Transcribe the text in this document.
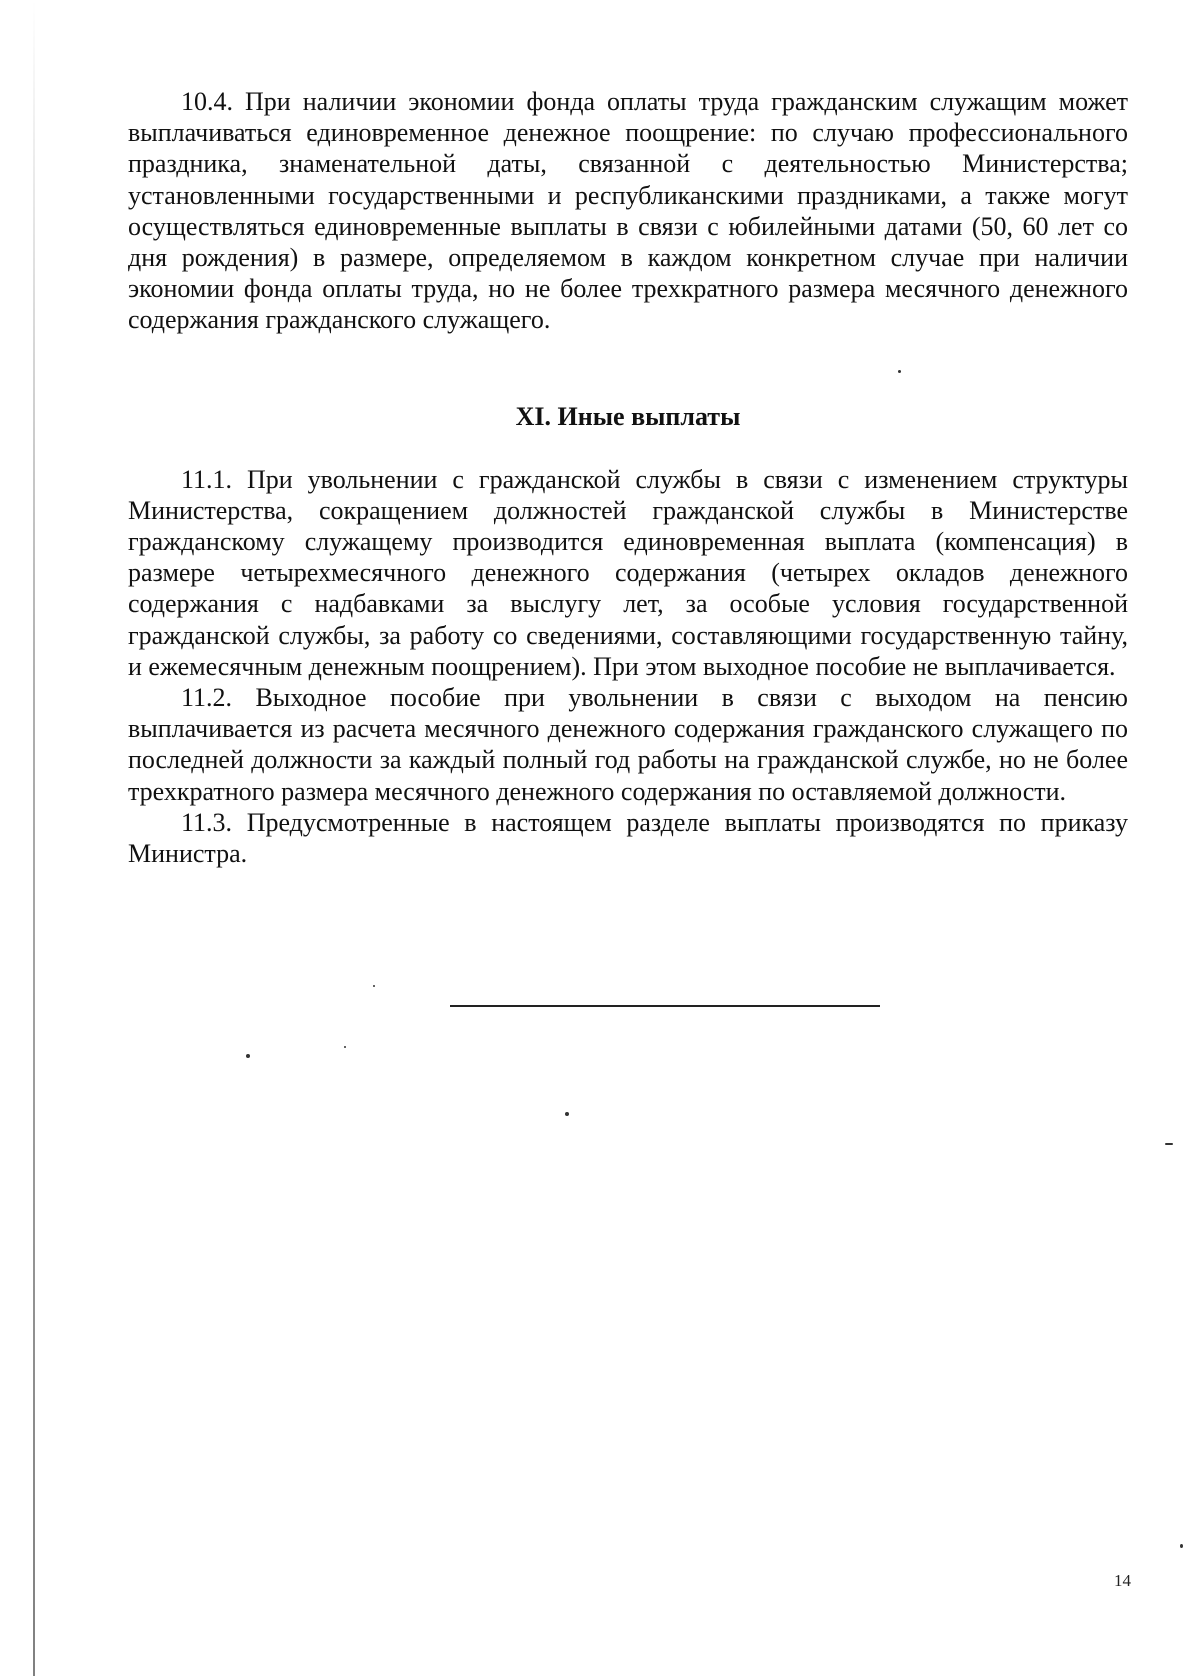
10.4. При наличии экономии фонда оплаты труда гражданским служащим может выплачиваться единовременное денежное поощрение: по случаю профессионального праздника, знаменательной даты, связанной с деятельностью Министерства; установленными государственными и республиканскими праздниками, а также могут осуществляться единовременные выплаты в связи с юбилейными датами (50, 60 лет со дня рождения) в размере, определяемом в каждом конкретном случае при наличии экономии фонда оплаты труда, но не более трехкратного размера месячного денежного содержания гражданского служащего.

XI. Иные выплаты

11.1. При увольнении с гражданской службы в связи с изменением структуры Министерства, сокращением должностей гражданской службы в Министерстве гражданскому служащему производится единовременная выплата (компенсация) в размере четырехмесячного денежного содержания (четырех окладов денежного содержания с надбавками за выслугу лет, за особые условия государственной гражданской службы, за работу со сведениями, составляющими государственную тайну, и ежемесячным денежным поощрением). При этом выходное пособие не выплачивается.

11.2. Выходное пособие при увольнении в связи с выходом на пенсию выплачивается из расчета месячного денежного содержания гражданского служащего по последней должности за каждый полный год работы на гражданской службе, но не более трехкратного размера месячного денежного содержания по оставляемой должности.

11.3. Предусмотренные в настоящем разделе выплаты производятся по приказу Министра.

14
